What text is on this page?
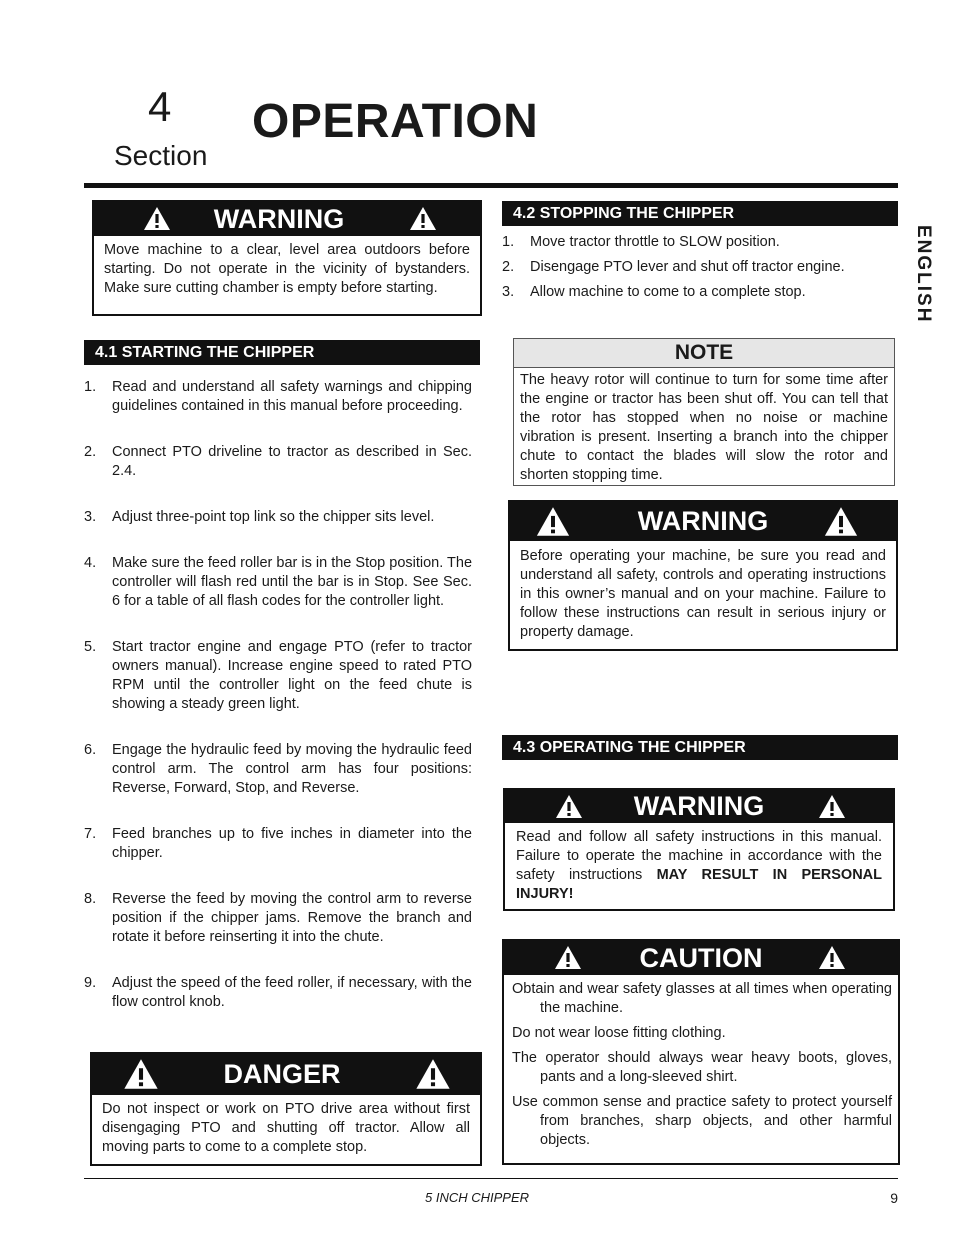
4
Section
OPERATION
ENGLISH
WARNING
Move machine to a clear, level area outdoors before starting. Do not operate in the vicinity of bystanders. Make sure cutting chamber is empty before starting.
4.1 STARTING THE CHIPPER
1. Read and understand all safety warnings and chipping guidelines contained in this manual before proceeding.
2. Connect PTO driveline to tractor as described in Sec. 2.4.
3. Adjust three-point top link so the chipper sits level.
4. Make sure the feed roller bar is in the Stop position. The controller will flash red until the bar is in Stop. See Sec. 6 for a table of all flash codes for the controller light.
5. Start tractor engine and engage PTO (refer to tractor owners manual). Increase engine speed to rated PTO RPM until the controller light on the feed chute is showing a steady green light.
6. Engage the hydraulic feed by moving the hydraulic feed control arm. The control arm has four positions: Reverse, Forward, Stop, and Reverse.
7. Feed branches up to five inches in diameter into the chipper.
8. Reverse the feed by moving the control arm to reverse position if the chipper jams. Remove the branch and rotate it before reinserting it into the chute.
9. Adjust the speed of the feed roller, if necessary, with the flow control knob.
DANGER
Do not inspect or work on PTO drive area without first disengaging PTO and shutting off tractor. Allow all moving parts to come to a complete stop.
4.2 STOPPING THE CHIPPER
1. Move tractor throttle to SLOW position.
2. Disengage PTO lever and shut off tractor engine.
3. Allow machine to come to a complete stop.
NOTE
The heavy rotor will continue to turn for some time after the engine or tractor has been shut off. You can tell that the rotor has stopped when no noise or machine vibration is present. Inserting a branch into the chipper chute to contact the blades will slow the rotor and shorten stopping time.
WARNING
Before operating your machine, be sure you read and understand all safety, controls and operating instructions in this owner’s manual and on your machine. Failure to follow these instructions can result in serious injury or property damage.
4.3 OPERATING THE CHIPPER
WARNING
Read and follow all safety instructions in this manual. Failure to operate the machine in accordance with the safety instructions MAY RESULT IN PERSONAL INJURY!
CAUTION
Obtain and wear safety glasses at all times when operating the machine.
Do not wear loose fitting clothing.
The operator should always wear heavy boots, gloves, pants and a long-sleeved shirt.
Use common sense and practice safety to protect yourself from branches, sharp objects, and other harmful objects.
5 INCH CHIPPER	9
